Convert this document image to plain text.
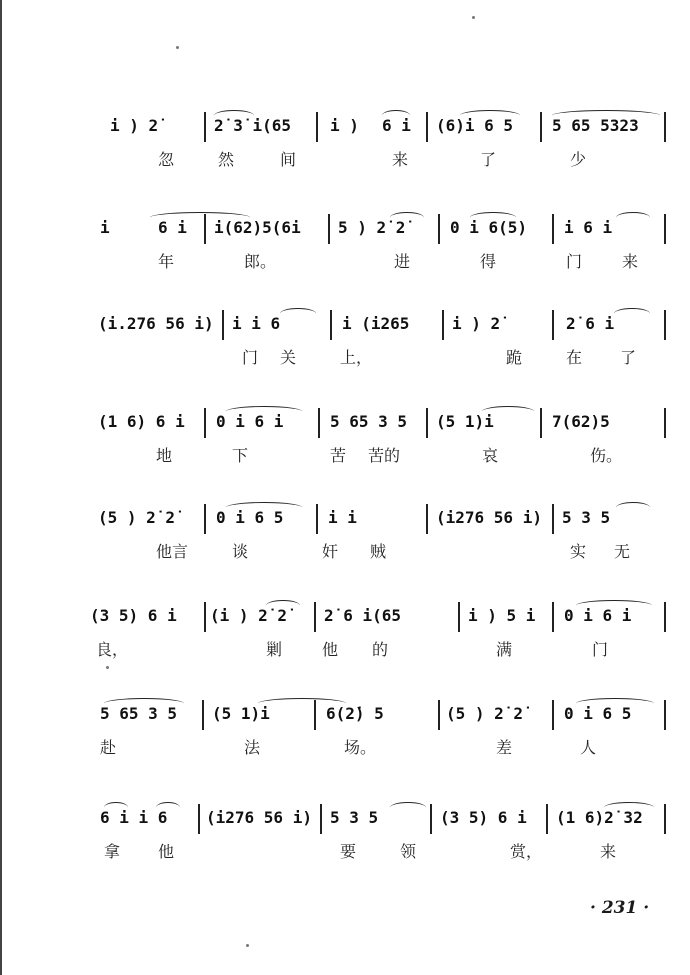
i ) 2̇	2̇ 3̇ i(65 i ) 6 i (6)i 6 5 5 65 5323
忽	然	间	来	了	少
i	6 i i(62)5(6i 5 ) 2̇ 2̇	0 i 6(5) i 6 i
年	郎。	进	得	门 来
(i.276 56 i) i i 6	i (i265	i ) 2̇	2̇ 6 i
门 关	上，	跪	在 了
(1 6) 6 i 0 i 6 i	5 65 3 5 (5 1)i	7(62)5
地	下	苦 苦的	哀	伤。
(5 ) 2̇ 2̇	0 i 6 5	i i	(i276 56 i) 5 3 5
他言	谈	奸 贼	实 无
(3 5) 6 i (i ) 2̇ 2̇ 2̇ 6 i(65	i ) 5 i 0 i 6 i
良，	剿 他 的	满	门
5 65 3 5 (5 1)i	6(2̇) 5	(5 ) 2̇ 2̇	0 i 6 5
赴	法	场。	差	人
6 i i 6 (i276 56 i) 5 3 5	(3 5) 6 i (1 6)2̇ 32
拿 他	要	领	赏，	来
· 231 ·
